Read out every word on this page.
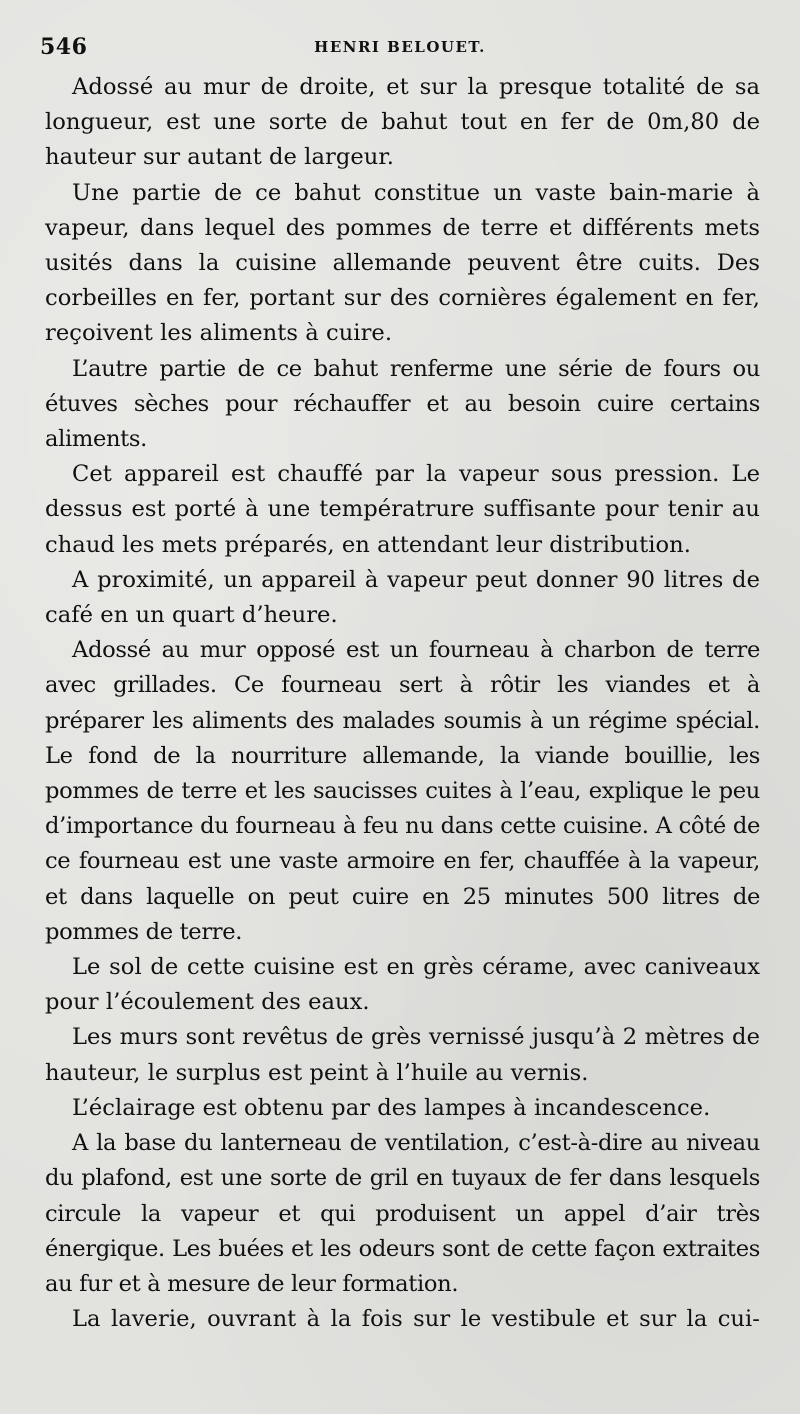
546	HENRI BELOUET.

Adossé au mur de droite, et sur la presque totalité de sa longueur, est une sorte de bahut tout en fer de 0m,80 de hauteur sur autant de largeur.

Une partie de ce bahut constitue un vaste bain-marie à vapeur, dans lequel des pommes de terre et différents mets usités dans la cuisine allemande peuvent être cuits. Des corbeilles en fer, portant sur des cornières également en fer, reçoivent les aliments à cuire.

L’autre partie de ce bahut renferme une série de fours ou étuves sèches pour réchauffer et au besoin cuire certains aliments.

Cet appareil est chauffé par la vapeur sous pression. Le dessus est porté à une températrure suffisante pour tenir au chaud les mets préparés, en attendant leur distribution.

A proximité, un appareil à vapeur peut donner 90 litres de café en un quart d’heure.

Adossé au mur opposé est un fourneau à charbon de terre avec grillades. Ce fourneau sert à rôtir les viandes et à préparer les aliments des malades soumis à un régime spécial. Le fond de la nourriture allemande, la viande bouillie, les pommes de terre et les saucisses cuites à l’eau, explique le peu d’importance du fourneau à feu nu dans cette cuisine. A côté de ce fourneau est une vaste armoire en fer, chauffée à la vapeur, et dans laquelle on peut cuire en 25 minutes 500 litres de pommes de terre.

Le sol de cette cuisine est en grès cérame, avec caniveaux pour l’écoulement des eaux.

Les murs sont revêtus de grès vernissé jusqu’à 2 mètres de hauteur, le surplus est peint à l’huile au vernis.

L’éclairage est obtenu par des lampes à incandescence.

A la base du lanterneau de ventilation, c’est-à-dire au niveau du plafond, est une sorte de gril en tuyaux de fer dans lesquels circule la vapeur et qui produisent un appel d’air très énergique. Les buées et les odeurs sont de cette façon extraites au fur et à mesure de leur formation.

La laverie, ouvrant à la fois sur le vestibule et sur la cui-
